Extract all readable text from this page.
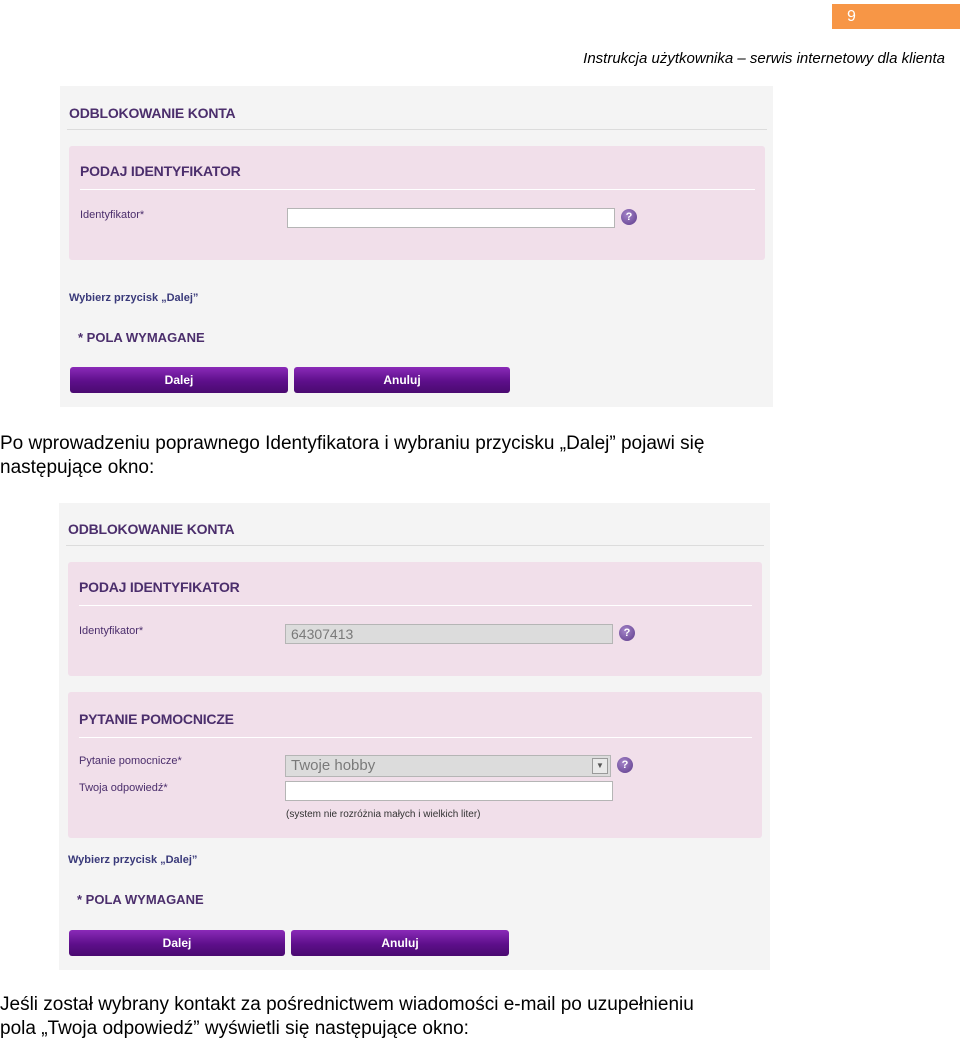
9
Instrukcja użytkownika – serwis internetowy dla klienta
ODBLOKOWANIE KONTA
PODAJ IDENTYFIKATOR
Identyfikator*	?
Wybierz przycisk „Dalej”
* POLA WYMAGANE
Dalej	Anuluj
Po wprowadzeniu poprawnego Identyfikatora i wybraniu przycisku „Dalej” pojawi się
następujące okno:
ODBLOKOWANIE KONTA
PODAJ IDENTYFIKATOR
Identyfikator*
64307413	?
PYTANIE POMOCNICZE
Pytanie pomocnicze*	Twoje hobby	▼	?
Twoja odpowiedź*
(system nie rozróżnia małych i wielkich liter)
Wybierz przycisk „Dalej”
* POLA WYMAGANE
Dalej	Anuluj
Jeśli został wybrany kontakt za pośrednictwem wiadomości e-mail po uzupełnieniu
pola „Twoja odpowiedź” wyświetli się następujące okno:
